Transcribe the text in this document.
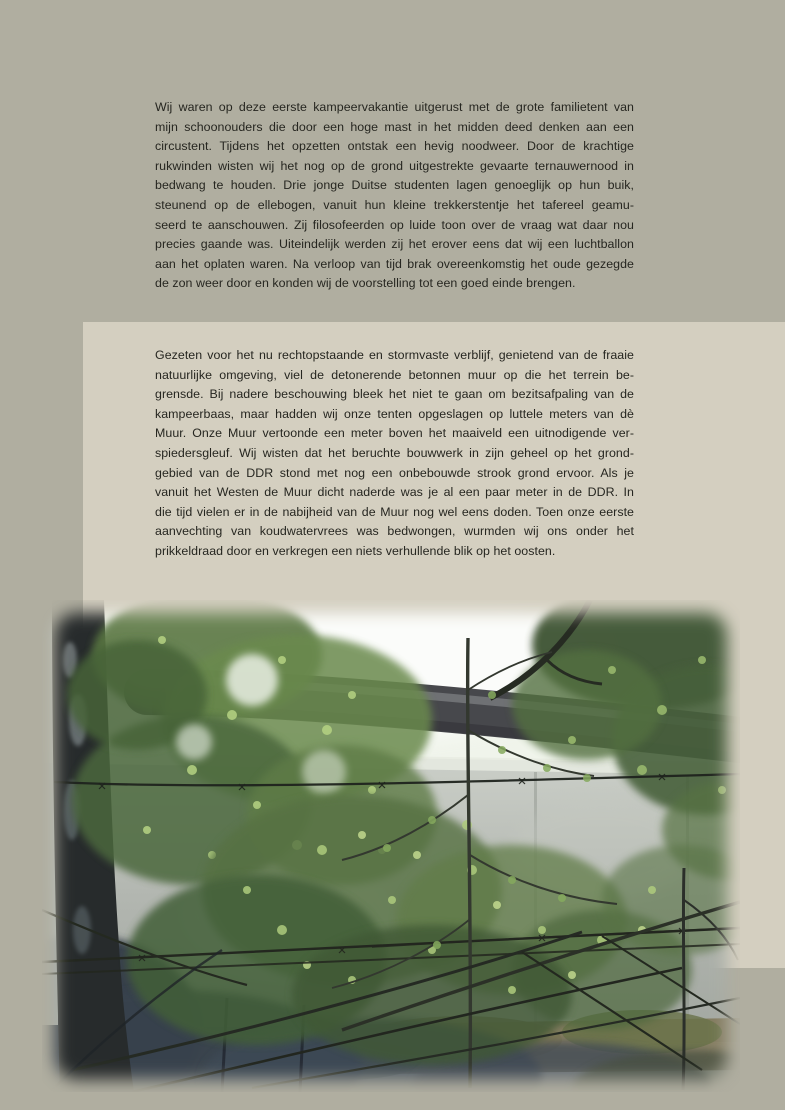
Wij waren op deze eerste kampeervakantie uitgerust met de grote familietent van
mijn schoonouders die door een hoge mast in het midden deed denken aan een
circustent. Tijdens het opzetten ontstak een hevig noodweer. Door de krachtige
rukwinden wisten wij het nog op de grond uitgestrekte gevaarte ternauwernood in
bedwang te houden. Drie jonge Duitse studenten lagen genoeglijk op hun buik,
steunend op de ellebogen, vanuit hun kleine trekkerstentje het tafereel geamu-
seerd te aanschouwen. Zij filosofeerden op luide toon over de vraag wat daar nou
precies gaande was. Uiteindelijk werden zij het erover eens dat wij een luchtballon
aan het oplaten waren. Na verloop van tijd brak overeenkomstig het oude gezegde
de zon weer door en konden wij de voorstelling tot een goed einde brengen.
Gezeten voor het nu rechtopstaande en stormvaste verblijf, genietend van de fraaie
natuurlijke omgeving, viel de detonerende betonnen muur op die het terrein be-
grensde. Bij nadere beschouwing bleek het niet te gaan om bezitsafpaling van de
kampeerbaas, maar hadden wij onze tenten opgeslagen op luttele meters van dè
Muur. Onze Muur vertoonde een meter boven het maaiveld een uitnodigende ver-
spiedersgleuf. Wij wisten dat het beruchte bouwwerk in zijn geheel op het grond-
gebied van de DDR stond met nog een onbebouwde strook grond ervoor. Als je
vanuit het Westen de Muur dicht naderde was je al een paar meter in de DDR. In
die tijd vielen er in de nabijheid van de Muur nog wel eens doden. Toen onze eerste
aanvechting van koudwatervrees was bedwongen, wurmden wij ons onder het
prikkeldraad door en verkregen een niets verhullende blik op het oosten.
